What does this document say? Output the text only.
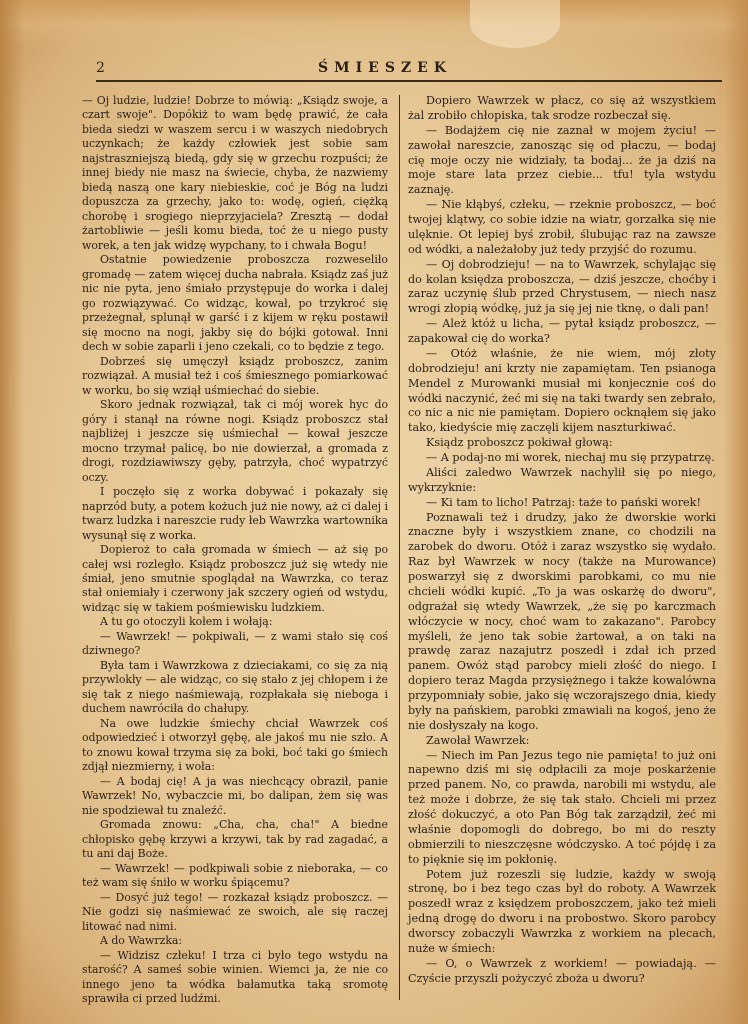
2	ŚMIESZEK

— Oj ludzie, ludzie! Dobrze to mówią: „Ksiądz swoje, a czart swoje". Dopókiż to wam będę prawić, że cała bieda siedzi w waszem sercu i w waszych niedobrych uczynkach; że każdy człowiek jest sobie sam najstraszniejszą biedą, gdy się w grzechu rozpuści; że innej biedy nie masz na świecie, chyba, że nazwiemy biedą naszą one kary niebieskie, coć je Bóg na ludzi dopuszcza za grzechy, jako to: wodę, ogień, ciężką chorobę i srogiego nieprzyjaciela? Zresztą — dodał żartobliwie — jeśli komu bieda, toć że u niego pusty worek, a ten jak widzę wypchany, to i chwała Bogu!

Ostatnie powiedzenie proboszcza rozweseliło gromadę — zatem więcej ducha nabrała. Ksiądz zaś już nic nie pyta, jeno śmiało przystępuje do worka i dalej go rozwiązywać. Co widząc, kował, po trzykroć się przeżegnał, splunął w garść i z kijem w ręku postawił się mocno na nogi, jakby się do bójki gotował. Inni dech w sobie zaparli i jeno czekali, co to będzie z tego.

Dobrześ się umęczył ksiądz proboszcz, zanim rozwiązał. A musiał też i coś śmiesznego pomiarkować w worku, bo się wziął uśmiechać do siebie.

Skoro jednak rozwiązał, tak ci mój worek hyc do góry i stanął na równe nogi. Ksiądz proboszcz stał najbliżej i jeszcze się uśmiechał — kował jeszcze mocno trzymał palicę, bo nie dowierzał, a gromada z drogi, rozdziawiwszy gęby, patrzyła, choć wypatrzyć oczy.

I poczęło się z worka dobywać i pokazały się naprzód buty, a potem kożuch już nie nowy, aż ci dalej i twarz ludzka i nareszcie rudy łeb Wawrzka wartownika wysunął się z worka.

Dopieroż to cała gromada w śmiech — aż się po całej wsi rozległo. Ksiądz proboszcz już się wtedy nie śmiał, jeno smutnie spoglądał na Wawrzka, co teraz stał oniemiały i czerwony jak szczery ogień od wstydu, widząc się w takiem pośmiewisku ludzkiem.

A tu go otoczyli kołem i wołają:

— Wawrzek! — pokpiwali, — z wami stało się coś dziwnego?

Była tam i Wawrzkowa z dzieciakami, co się za nią przywlokły — ale widząc, co się stało z jej chłopem i że się tak z niego naśmiewają, rozpłakała się nieboga i duchem nawróciła do chałupy.

Na owe ludzkie śmiechy chciał Wawrzek coś odpowiedzieć i otworzył gębę, ale jakoś mu nie szło. A to znowu kował trzyma się za boki, boć taki go śmiech zdjął niezmierny, i woła:

— A bodaj cię! A ja was niechcący obraził, panie Wawrzek! No, wybaczcie mi, bo dalipan, żem się was nie spodziewał tu znaleźć.

Gromada znowu: „Cha, cha, cha!" A biedne chłopisko gębę krzywi a krzywi, tak by rad zagadać, a tu ani daj Boże.

— Wawrzek! — podkpiwali sobie z nieboraka, — co też wam się śniło w worku śpiącemu?

— Dosyć już tego! — rozkazał ksiądz proboszcz. — Nie godzi się naśmiewać ze swoich, ale się raczej litować nad nimi.

A do Wawrzka:

— Widzisz człeku! I trza ci było tego wstydu na starość? A sameś sobie winien. Wiemci ja, że nie co innego jeno ta wódka bałamutka taką sromotę sprawiła ci przed ludźmi.

Dopiero Wawrzek w płacz, co się aż wszystkiem żal zrobiło chłopiska, tak srodze rozbeczał się.

— Bodajżem cię nie zaznał w mojem życiu! — zawołał nareszcie, zanosząc się od płaczu, — bodaj cię moje oczy nie widziały, ta bodaj... że ja dziś na moje stare lata przez ciebie... tfu! tyla wstydu zaznaję.

— Nie kłąbyś, człeku, — rzeknie proboszcz, — boć twojej klątwy, co sobie idzie na wiatr, gorzałka się nie ulęknie. Ot lepiej byś zrobił, ślubując raz na zawsze od wódki, a należałoby już tedy przyjść do rozumu.

— Oj dobrodzieju! — na to Wawrzek, schylając się do kolan księdza proboszcza, — dziś jeszcze, choćby i zaraz uczynię ślub przed Chrystusem, — niech nasz wrogi złopią wódkę, już ja się jej nie tknę, o dali pan!

— Ależ któż u licha, — pytał ksiądz proboszcz, — zapakował cię do worka?

— Otóż właśnie, że nie wiem, mój złoty dobrodzieju! ani krzty nie zapamiętam. Ten psianoga Mendel z Murowanki musiał mi konjecznie coś do wódki naczynić, żeć mi się na taki twardy sen zebrało, co nic a nic nie pamiętam. Dopiero ocknąłem się jako tako, kiedyście mię zaczęli kijem naszturkiwać.

Ksiądz proboszcz pokiwał głową:

— A podaj-no mi worek, niechaj mu się przypatrzę.

Aliści zaledwo Wawrzek nachylił się po niego, wykrzyknie:

— Ki tam to licho! Patrzaj: taże to pański worek!

Poznawali też i drudzy, jako że dworskie worki znaczne były i wszystkiem znane, co chodzili na zarobek do dworu. Otóż i zaraz wszystko się wydało. Raz był Wawrzek w nocy (także na Murowance) poswarzył się z dworskimi parobkami, co mu nie chcieli wódki kupić. „To ja was oskarżę do dworu", odgrażał się wtedy Wawrzek, „że się po karczmach włóczycie w nocy, choć wam to zakazano". Parobcy myśleli, że jeno tak sobie żartował, a on taki na prawdę zaraz nazajutrz poszedł i zdał ich przed panem. Owóż stąd parobcy mieli złość do niego. I dopiero teraz Magda przysiężnego i także kowalówna przypomniały sobie, jako się wczorajszego dnia, kiedy były na pańskiem, parobki zmawiali na kogoś, jeno że nie dosłyszały na kogo.

Zawołał Wawrzek:

— Niech im Pan Jezus tego nie pamięta! to już oni napewno dziś mi się odpłacili za moje poskarżenie przed panem. No, co prawda, narobili mi wstydu, ale też może i dobrze, że się tak stało. Chcieli mi przez złość dokuczyć, a oto Pan Bóg tak zarządził, żeć mi właśnie dopomogli do dobrego, bo mi do reszty obmierzili to nieszczęsne wódczysko. A toć pójdę i za to pięknie się im pokłonię.

Potem już rozeszli się ludzie, każdy w swoją stronę, bo i bez tego czas był do roboty. A Wawrzek poszedł wraz z księdzem proboszczem, jako też mieli jedną drogę do dworu i na probostwo. Skoro parobcy dworscy zobaczyli Wawrzka z workiem na plecach, nuże w śmiech:

— O, o Wawrzek z workiem! — powiadają. — Czyście przyszli pożyczyć zboża u dworu?
